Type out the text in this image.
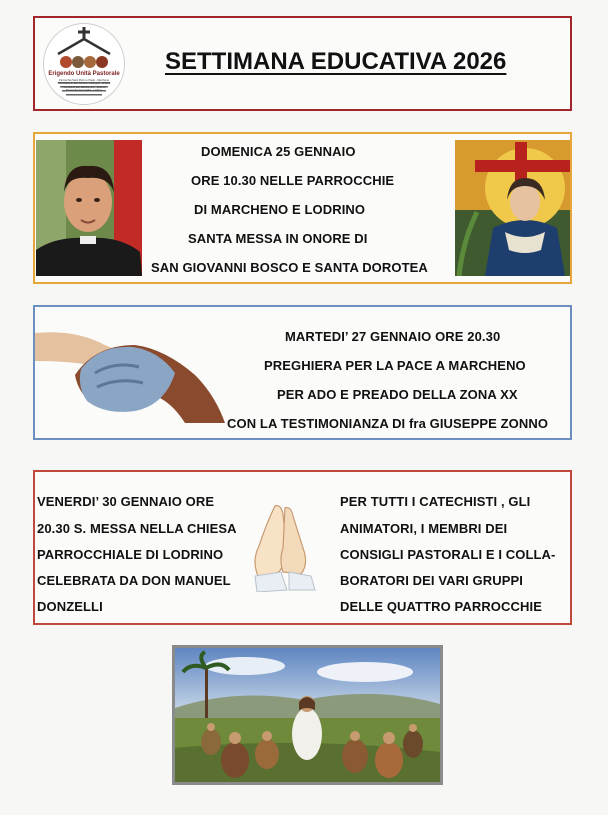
Erigendo Unità Pastorale
Parrocchia Santi Pietro e Paolo - Marcheno
Parrocchia di San Michele Arcangelo - Brozzo
Parrocchia San Bartolomeo - Cesovo
Parrocchia San Vigilio - Lodrino
SETTIMANA EDUCATIVA 2026
DOMENICA 25 GENNAIO
ORE 10.30 NELLE PARROCCHIE
DI MARCHENO E LODRINO
SANTA MESSA IN ONORE DI
SAN GIOVANNI BOSCO E SANTA DOROTEA
MARTEDI’ 27 GENNAIO ORE 20.30
PREGHIERA PER LA PACE A MARCHENO
PER ADO E PREADO DELLA ZONA XX
CON LA TESTIMONIANZA DI fra GIUSEPPE ZONNO
VENERDI’ 30 GENNAIO ORE
20.30 S. MESSA NELLA CHIESA
PARROCCHIALE DI LODRINO
CELEBRATA DA DON MANUEL
DONZELLI
PER TUTTI I CATECHISTI , GLI
ANIMATORI, I MEMBRI DEI
CONSIGLI PASTORALI E I COLLA-
BORATORI DEI VARI GRUPPI
DELLE QUATTRO PARROCCHIE
